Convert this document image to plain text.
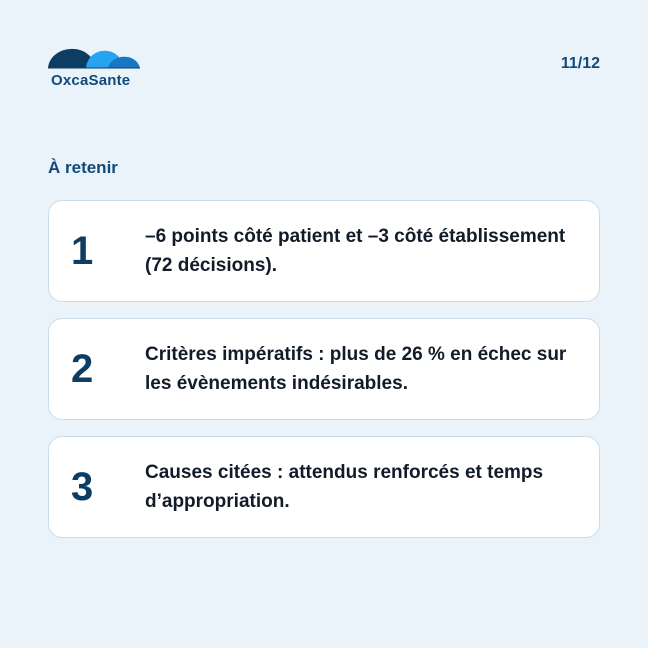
OxcaSante
11/12
À retenir
1	–6 points côté patient et –3 côté établissement (72 décisions).
2	Critères impératifs : plus de 26 % en échec sur les évènements indésirables.
3	Causes citées : attendus renforcés et temps d’appropriation.
